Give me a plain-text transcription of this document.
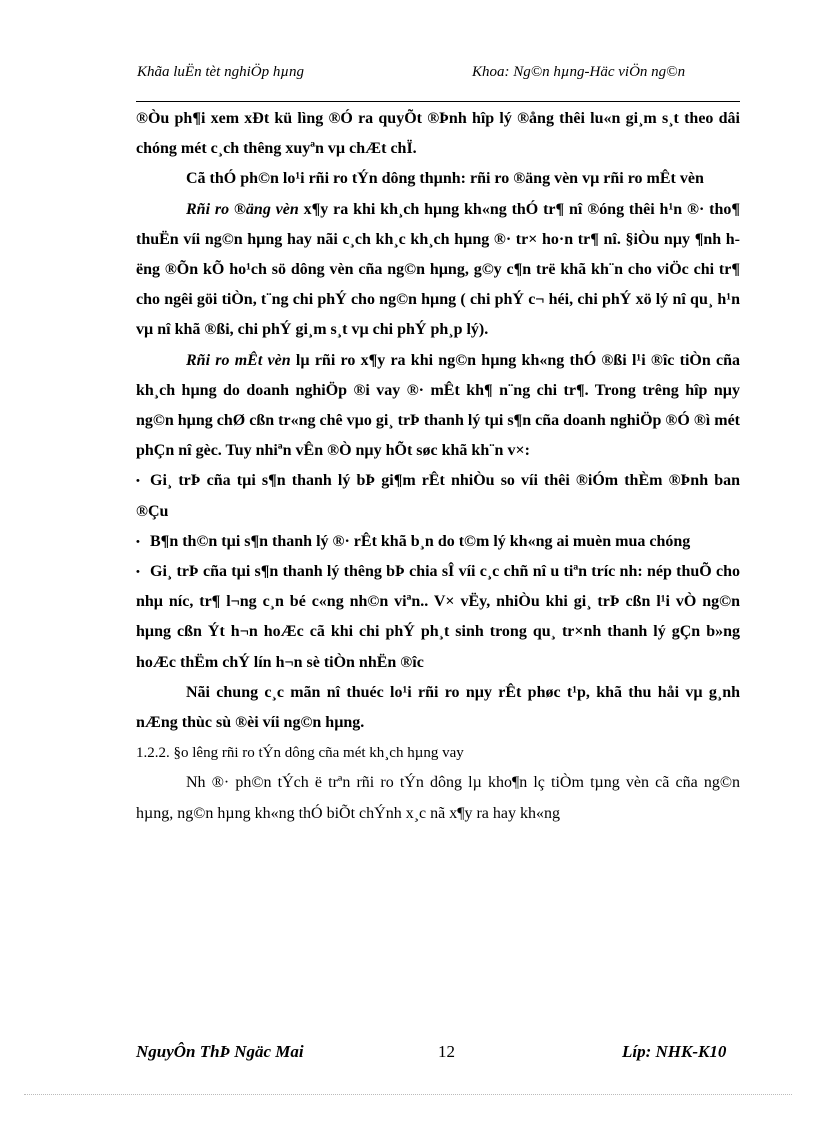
Khãa luËn tèt nghiÖp hµng	Khoa: Ng©n hµng-Häc viÖn ng©n

®Òu ph¶i xem xÐt kü lìng ®Ó ra quyÕt ®Þnh hîp lý ®ång thêi lu«n gi¸m s¸t theo dâi chóng mét c¸ch thêng xuyªn vµ chÆt chÏ.

Cã thÓ ph©n lo¹i rñi ro tÝn dông thµnh: rñi ro ®äng vèn vµ rñi ro mÊt vèn

Rñi ro ®äng vèn x¶y ra khi kh¸ch hµng kh«ng thÓ tr¶ nî ®óng thêi h¹n ®· tho¶ thuËn víi ng©n hµng hay nãi c¸ch kh¸c kh¸ch hµng ®· tr× ho·n tr¶ nî. §iÒu nµy ¶nh hëng ®Õn kÕ ho¹ch sö dông vèn cña ng©n hµng, g©y c¶n trë khã kh¨n cho viÖc chi tr¶ cho ngêi göi tiÒn, t¨ng chi phÝ cho ng©n hµng ( chi phÝ c¬ héi, chi phÝ xö lý nî qu¸ h¹n vµ nî khã ®ßi, chi phÝ gi¸m s¸t vµ chi phÝ ph¸p lý).

Rñi ro mÊt vèn lµ rñi ro x¶y ra khi ng©n hµng kh«ng thÓ ®ßi l¹i ®îc tiÒn cña kh¸ch hµng do doanh nghiÖp ®i vay ®· mÊt kh¶ n¨ng chi tr¶. Trong trêng hîp nµy ng©n hµng chØ cßn tr«ng chê vµo gi¸ trÞ thanh lý tµi s¶n cña doanh nghiÖp ®Ó ®ì mét phÇn nî gèc. Tuy nhiªn vÊn ®Ò nµy hÕt søc khã kh¨n v×:

• Gi¸ trÞ cña tµi s¶n thanh lý bÞ gi¶m rÊt nhiÒu so víi thêi ®iÓm thÈm ®Þnh ban ®Çu

• B¶n th©n tµi s¶n thanh lý ®· rÊt khã b¸n do t©m lý kh«ng ai muèn mua chóng

• Gi¸ trÞ cña tµi s¶n thanh lý thêng bÞ chia sÎ víi c¸c chñ nî u tiªn tríc nh: nép thuÕ cho nhµ níc, tr¶ l¬ng c¸n bé c«ng nh©n viªn.. V× vËy, nhiÒu khi gi¸ trÞ cßn l¹i vÒ ng©n hµng cßn Ýt h¬n hoÆc cã khi chi phÝ ph¸t sinh trong qu¸ tr×nh thanh lý gÇn b»ng hoÆc thËm chÝ lín h¬n sè tiÒn nhËn ®îc

Nãi chung c¸c mãn nî thuéc lo¹i rñi ro nµy rÊt phøc t¹p, khã thu håi vµ g¸nh nÆng thùc sù ®èi víi ng©n hµng.

1.2.2. §o lêng rñi ro tÝn dông cña mét kh¸ch hµng vay

Nh ®· ph©n tÝch ë trªn rñi ro tÝn dông lµ kho¶n lç tiÒm tµng vèn cã cña ng©n hµng, ng©n hµng kh«ng thÓ biÕt chÝnh x¸c nã x¶y ra hay kh«ng

NguyÔn ThÞ Ngäc Mai	12	Líp: NHK-K10
